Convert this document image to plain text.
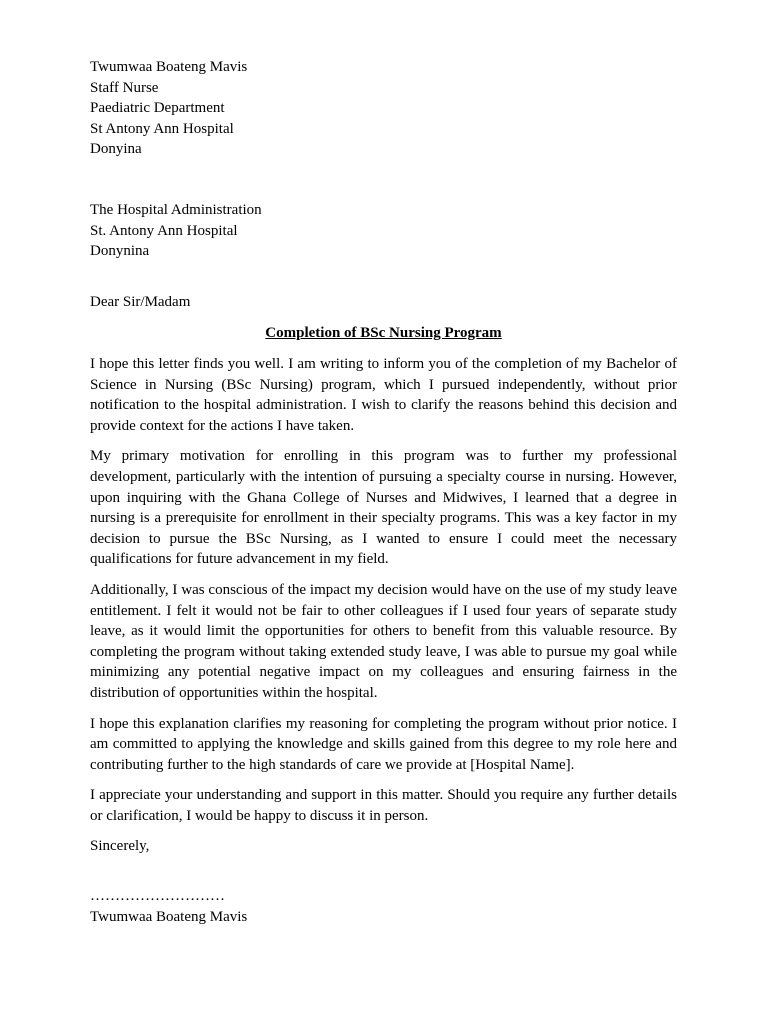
Twumwaa Boateng Mavis
Staff Nurse
Paediatric Department
St Antony Ann Hospital
Donyina
The Hospital Administration
St. Antony Ann Hospital
Donynina
Dear Sir/Madam
Completion of BSc Nursing Program

I hope this letter finds you well. I am writing to inform you of the completion of my Bachelor of Science in Nursing (BSc Nursing) program, which I pursued independently, without prior notification to the hospital administration. I wish to clarify the reasons behind this decision and provide context for the actions I have taken.

My primary motivation for enrolling in this program was to further my professional development, particularly with the intention of pursuing a specialty course in nursing. However, upon inquiring with the Ghana College of Nurses and Midwives, I learned that a degree in nursing is a prerequisite for enrollment in their specialty programs. This was a key factor in my decision to pursue the BSc Nursing, as I wanted to ensure I could meet the necessary qualifications for future advancement in my field.

Additionally, I was conscious of the impact my decision would have on the use of my study leave entitlement. I felt it would not be fair to other colleagues if I used four years of separate study leave, as it would limit the opportunities for others to benefit from this valuable resource. By completing the program without taking extended study leave, I was able to pursue my goal while minimizing any potential negative impact on my colleagues and ensuring fairness in the distribution of opportunities within the hospital.

I hope this explanation clarifies my reasoning for completing the program without prior notice. I am committed to applying the knowledge and skills gained from this degree to my role here and contributing further to the high standards of care we provide at [Hospital Name].

I appreciate your understanding and support in this matter. Should you require any further details or clarification, I would be happy to discuss it in person.

Sincerely,
………………………
Twumwaa Boateng Mavis
